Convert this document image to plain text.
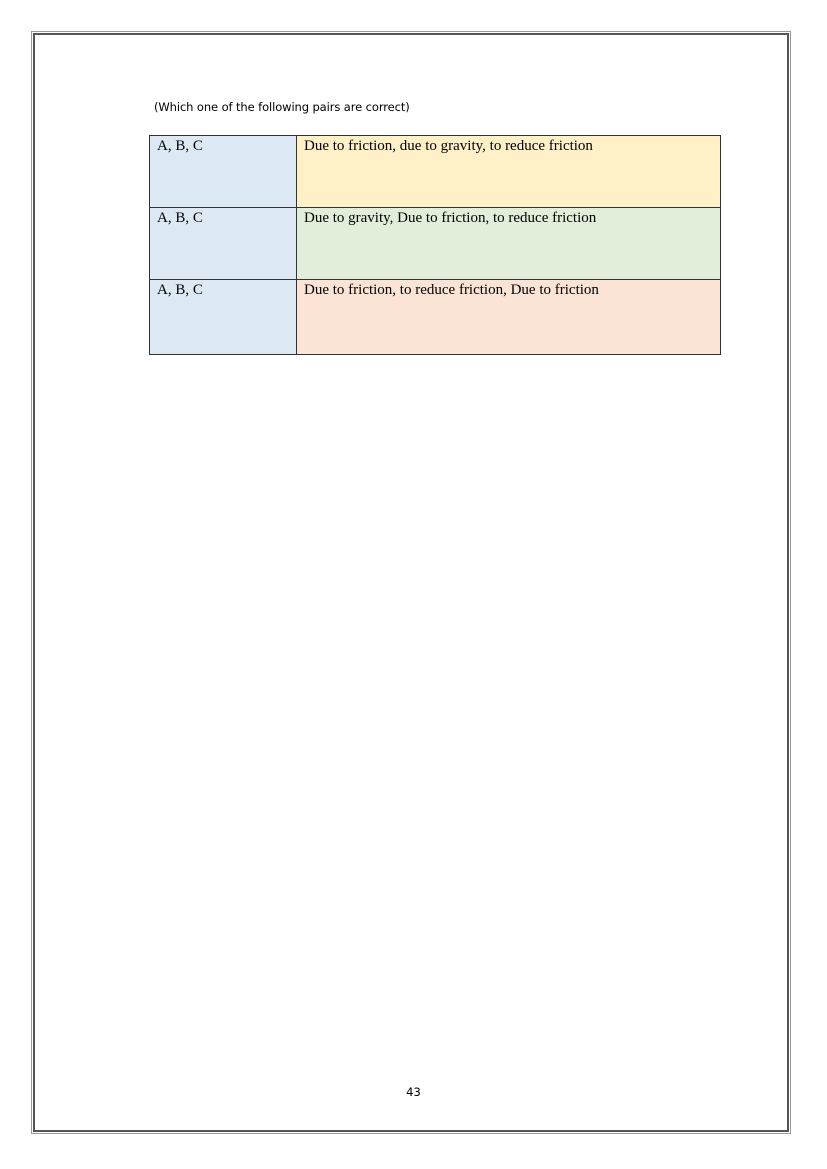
(Which one of the following pairs are correct)
A, B, C	Due to friction, due to gravity, to reduce friction
A, B, C	Due to gravity, Due to friction, to reduce friction
A, B, C	Due to friction, to reduce friction, Due to friction
43
